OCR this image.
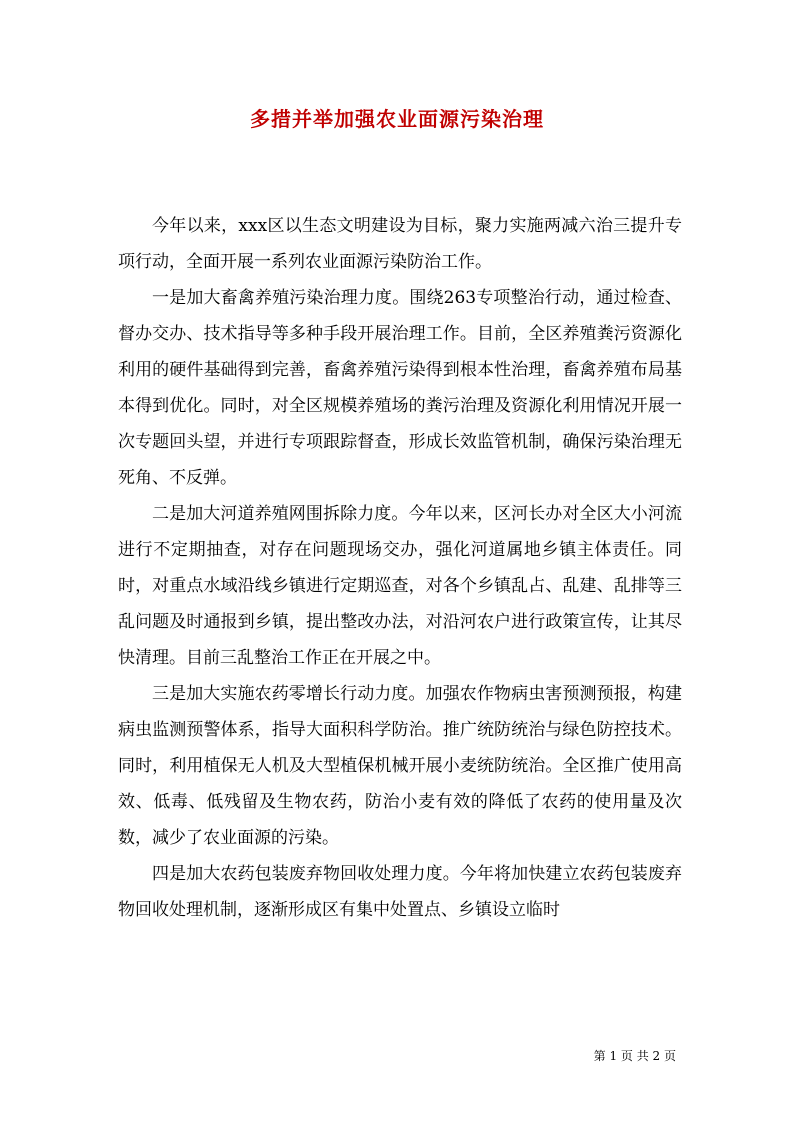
多措并举加强农业面源污染治理

今年以来，xxx区以生态文明建设为目标，聚力实施两减六治三提升专项行动，全面开展一系列农业面源污染防治工作。

一是加大畜禽养殖污染治理力度。围绕263专项整治行动，通过检查、督办交办、技术指导等多种手段开展治理工作。目前，全区养殖粪污资源化利用的硬件基础得到完善，畜禽养殖污染得到根本性治理，畜禽养殖布局基本得到优化。同时，对全区规模养殖场的粪污治理及资源化利用情况开展一次专题回头望，并进行专项跟踪督查，形成长效监管机制，确保污染治理无死角、不反弹。

二是加大河道养殖网围拆除力度。今年以来，区河长办对全区大小河流进行不定期抽查，对存在问题现场交办，强化河道属地乡镇主体责任。同时，对重点水域沿线乡镇进行定期巡查，对各个乡镇乱占、乱建、乱排等三乱问题及时通报到乡镇，提出整改办法，对沿河农户进行政策宣传，让其尽快清理。目前三乱整治工作正在开展之中。

三是加大实施农药零增长行动力度。加强农作物病虫害预测预报，构建病虫监测预警体系，指导大面积科学防治。推广统防统治与绿色防控技术。同时，利用植保无人机及大型植保机械开展小麦统防统治。全区推广使用高效、低毒、低残留及生物农药，防治小麦有效的降低了农药的使用量及次数，减少了农业面源的污染。

四是加大农药包装废弃物回收处理力度。今年将加快建立农药包装废弃物回收处理机制，逐渐形成区有集中处置点、乡镇设立临时

第 1 页 共 2 页
